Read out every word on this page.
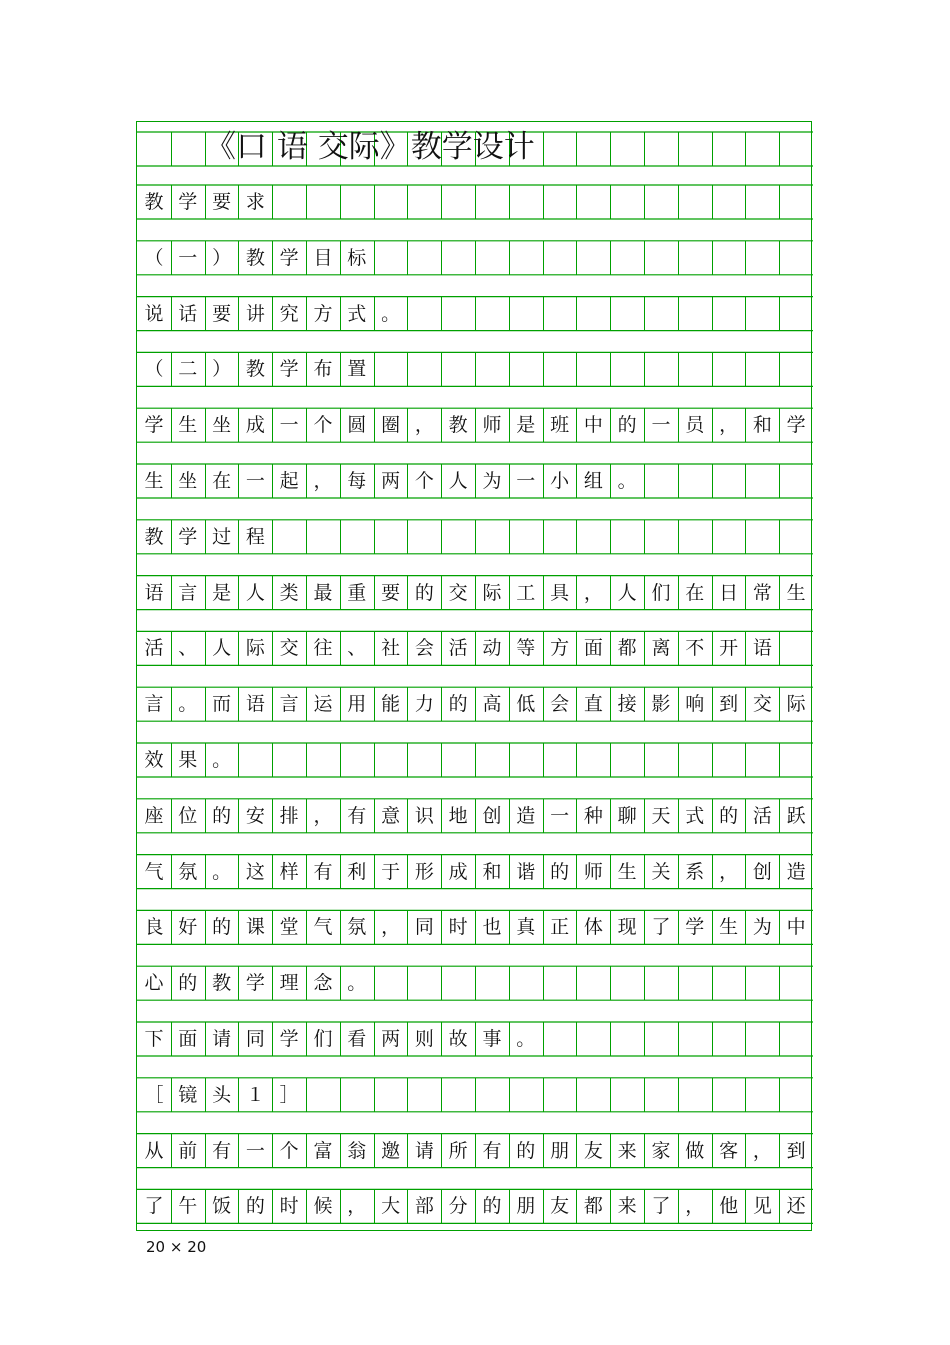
《口 语 交际》教学设计
教 学 要 求
（ 一 ） 教 学 目 标
说 话 要 讲 究 方 式 。
（ 二 ） 教 学 布 置
学 生 坐 成 一 个 圆 圈 ， 教 师 是 班 中 的 一 员 ， 和 学
生 坐 在 一 起 ， 每 两 个 人 为 一 小 组 。
教 学 过 程
语 言 是 人 类 最 重 要 的 交 际 工 具 ， 人 们 在 日 常 生
活 、 人 际 交 往 、 社 会 活 动 等 方 面 都 离 不 开 语
言 。 而 语 言 运 用 能 力 的 高 低 会 直 接 影 响 到 交 际
效 果 。
座 位 的 安 排 ， 有 意 识 地 创 造 一 种 聊 天 式 的 活 跃
气 氛 。 这 样 有 利 于 形 成 和 谐 的 师 生 关 系 ， 创 造
良 好 的 课 堂 气 氛 ， 同 时 也 真 正 体 现 了 学 生 为 中
心 的 教 学 理 念 。
下 面 请 同 学 们 看 两 则 故 事 。
［ 镜 头 １ ］
从 前 有 一 个 富 翁 邀 请 所 有 的 朋 友 来 家 做 客 ， 到
了 午 饭 的 时 候 ， 大 部 分 的 朋 友 都 来 了 ， 他 见 还
20 × 20
